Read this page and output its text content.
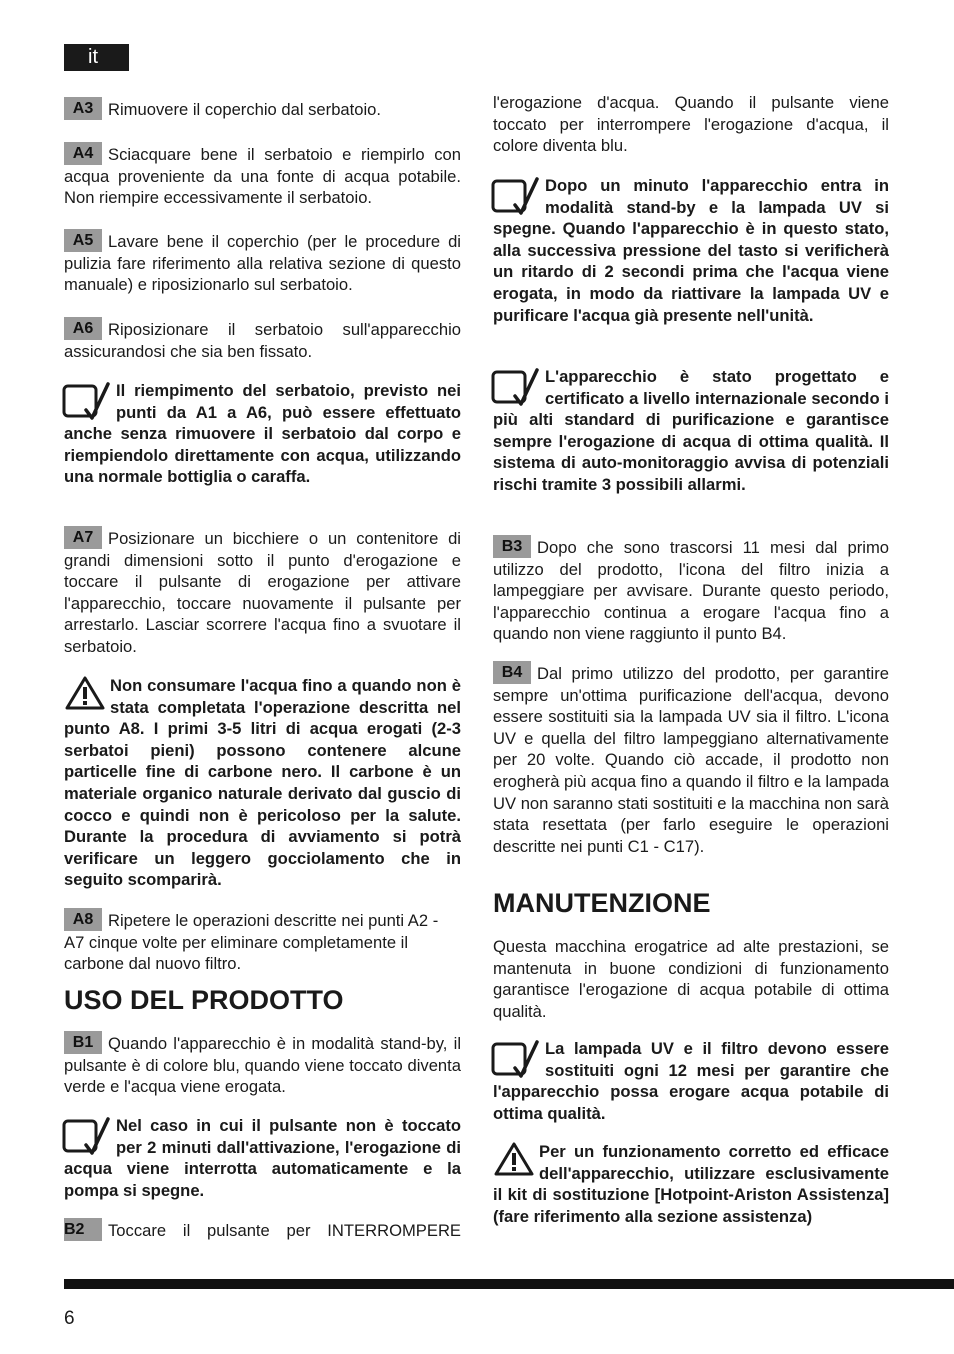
it

A3 Rimuovere il coperchio dal serbatoio.

A4 Sciacquare bene il serbatoio e riempirlo con acqua proveniente da una fonte di acqua potabile. Non riempire eccessivamente il serbatoio.

A5 Lavare bene il coperchio (per le procedure di pulizia fare riferimento alla relativa sezione di questo manuale) e riposizionarlo sul serbatoio.

A6 Riposizionare il serbatoio sull'apparecchio assicurandosi che sia ben fissato.

Il riempimento del serbatoio, previsto nei punti da A1 a A6, può essere effettuato anche senza rimuovere il serbatoio dal corpo e riempiendolo direttamente con acqua, utilizzando una normale bottiglia o caraffa.

A7 Posizionare un bicchiere o un contenitore di grandi dimensioni sotto il punto d'erogazione e toccare il pulsante di erogazione per attivare l'apparecchio, toccare nuovamente il pulsante per arrestarlo. Lasciar scorrere l'acqua fino a svuotare il serbatoio.

Non consumare l'acqua fino a quando non è stata completata l'operazione descritta nel punto A8. I primi 3-5 litri di acqua erogati (2-3 serbatoi pieni) possono contenere alcune particelle fine di carbone nero. Il carbone è un materiale organico naturale derivato dal guscio di cocco e quindi non è pericoloso per la salute. Durante la procedura di avviamento si potrà verificare un leggero gocciolamento che in seguito scomparirà.

A8 Ripetere le operazioni descritte nei punti A2 - A7 cinque volte per eliminare completamente il carbone dal nuovo filtro.

USO DEL PRODOTTO

B1 Quando l'apparecchio è in modalità stand-by, il pulsante è di colore blu, quando viene toccato diventa verde e l'acqua viene erogata.

Nel caso in cui il pulsante non è toccato per 2 minuti dall'attivazione, l'erogazione di acqua viene interrotta automaticamente e la pompa si spegne.

B2 Toccare il pulsante per INTERROMPERE

l'erogazione d'acqua. Quando il pulsante viene toccato per interrompere l'erogazione d'acqua, il colore diventa blu.

Dopo un minuto l'apparecchio entra in modalità stand-by e la lampada UV si spegne. Quando l'apparecchio è in questo stato, alla successiva pressione del tasto si verificherà un ritardo di 2 secondi prima che l'acqua viene erogata, in modo da riattivare la lampada UV e purificare l'acqua già presente nell'unità.

L'apparecchio è stato progettato e certificato a livello internazionale secondo i più alti standard di purificazione e garantisce sempre l'erogazione di acqua di ottima qualità. Il sistema di auto-monitoraggio avvisa di potenziali rischi tramite 3 possibili allarmi.

B3 Dopo che sono trascorsi 11 mesi dal primo utilizzo del prodotto, l'icona del filtro inizia a lampeggiare per avvisare. Durante questo periodo, l'apparecchio continua a erogare l'acqua fino a quando non viene raggiunto il punto B4.

B4 Dal primo utilizzo del prodotto, per garantire sempre un'ottima purificazione dell'acqua, devono essere sostituiti sia la lampada UV sia il filtro. L'icona UV e quella del filtro lampeggiano alternativamente per 20 volte. Quando ciò accade, il prodotto non erogherà più acqua fino a quando il filtro e la lampada UV non saranno stati sostituiti e la macchina non sarà stata resettata (per farlo eseguire le operazioni descritte nei punti C1 - C17).

MANUTENZIONE

Questa macchina erogatrice ad alte prestazioni, se mantenuta in buone condizioni di funzionamento garantisce l'erogazione di acqua potabile di ottima qualità.

La lampada UV e il filtro devono essere sostituiti ogni 12 mesi per garantire che l'apparecchio possa erogare acqua potabile di ottima qualità.

Per un funzionamento corretto ed efficace dell'apparecchio, utilizzare esclusivamente il kit di sostituzione [Hotpoint-Ariston Assistenza] (fare riferimento alla sezione assistenza)

6
